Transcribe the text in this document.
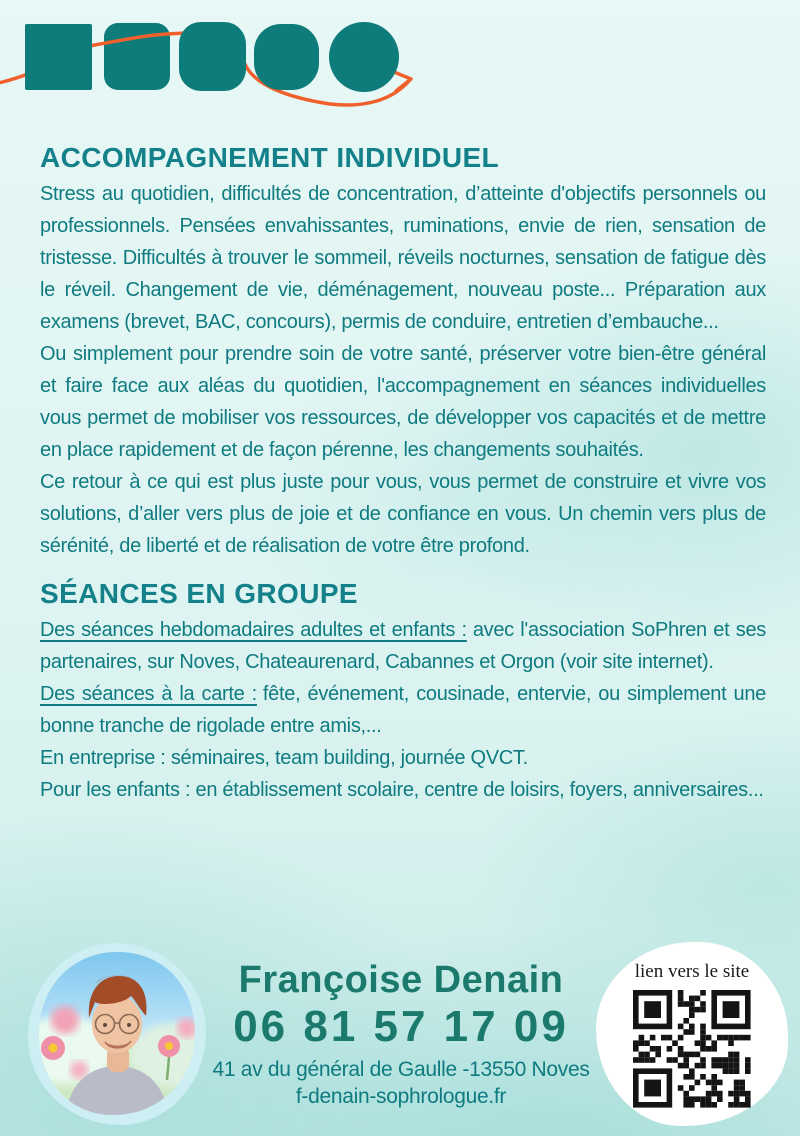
ACCOMPAGNEMENT INDIVIDUEL

Stress au quotidien, difficultés de concentration, d’atteinte d'objectifs personnels ou professionnels. Pensées envahissantes, ruminations, envie de rien, sensation de tristesse. Difficultés à trouver le sommeil, réveils nocturnes, sensation de fatigue dès le réveil. Changement de vie, déménagement, nouveau poste... Préparation aux examens (brevet, BAC, concours), permis de conduire, entretien d’embauche...

Ou simplement pour prendre soin de votre santé, préserver votre bien-être général et faire face aux aléas du quotidien, l'accompagnement en séances individuelles vous permet de mobiliser vos ressources, de développer vos capacités et de mettre en place rapidement et de façon pérenne, les changements souhaités.

Ce retour à ce qui est plus juste pour vous, vous permet de construire et vivre vos solutions, d’aller vers plus de joie et de confiance en vous. Un chemin vers plus de sérénité, de liberté et de réalisation de votre être profond.

SÉANCES EN GROUPE

Des séances hebdomadaires adultes et enfants : avec l'association SoPhren et ses partenaires, sur Noves, Chateaurenard, Cabannes et Orgon (voir site internet).

Des séances à la carte : fête, événement, cousinade, entervie, ou simplement une bonne tranche de rigolade entre amis,...

En entreprise : séminaires, team building, journée QVCT.

Pour les enfants : en établissement scolaire, centre de loisirs, foyers, anniversaires...

Françoise Denain
06 81 57 17 09
41 av du général de Gaulle -13550 Noves
f-denain-sophrologue.fr
lien vers le site
